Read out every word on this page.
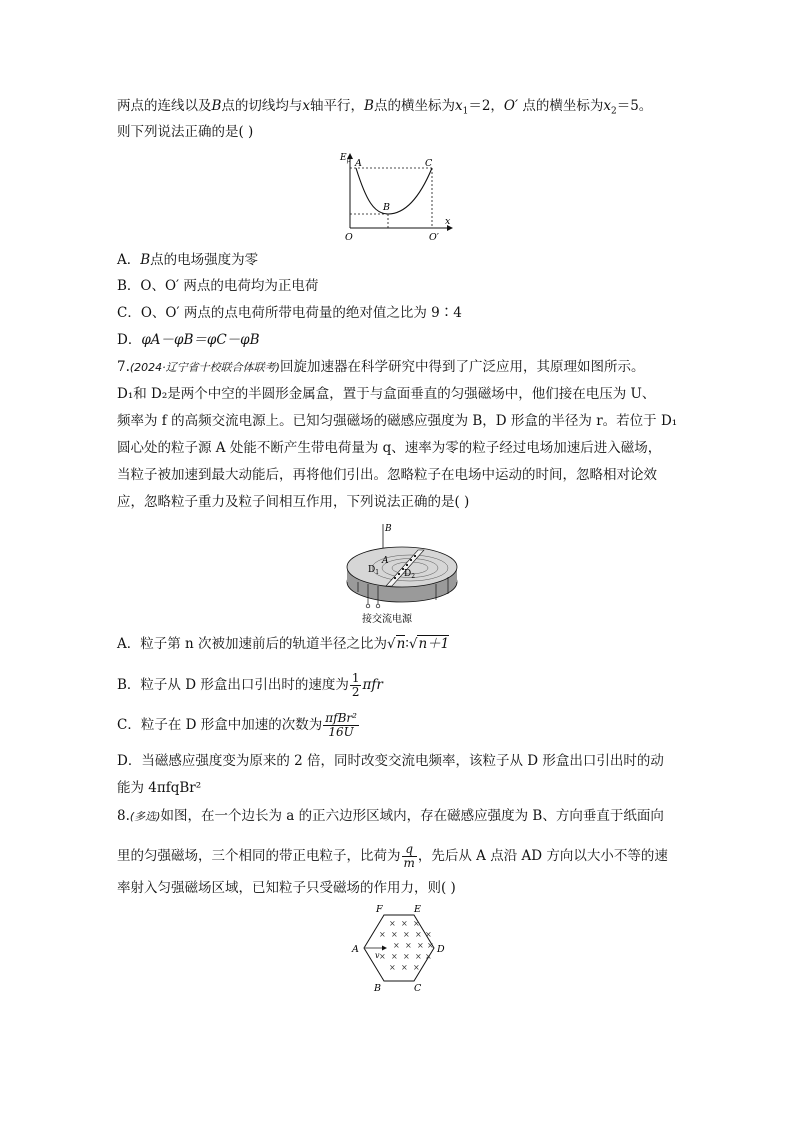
两点的连线以及B点的切线均与x轴平行，B点的横坐标为$x_1=2$，O′ 点的横坐标为$x_2=5$。
则下列说法正确的是( )
$E_p$ A
B
C
O	O′
x
A．B点的电场强度为零
B．O、O′ 两点的电荷均为正电荷
C．O、O′ 两点的点电荷所带电荷量的绝对值之比为 9∶4
D．φA－φB＝φC－φB
7.(2024·辽宁省十校联合体联考)回旋加速器在科学研究中得到了广泛应用，其原理如图所示。
D₁和 D₂是两个中空的半圆形金属盒，置于与盒面垂直的匀强磁场中，他们接在电压为 U、
频率为 f 的高频交流电源上。已知匀强磁场的磁感应强度为 B，D 形盒的半径为 r。若位于 D₁
圆心处的粒子源 A 处能不断产生带电荷量为 q、速率为零的粒子经过电场加速后进入磁场，
当粒子被加速到最大动能后，再将他们引出。忽略粒子在电场中运动的时间，忽略相对论效
应，忽略粒子重力及粒子间相互作用，下列说法正确的是( )
B
A
$D_1$	$D_2$
接交流电源
A．粒子第 n 次被加速前后的轨道半径之比为√n∶√n＋1
B．粒子从 D 形盒出口引出时的速度为 $\frac{1}{2}$ πfr
C．粒子在 D 形盒中加速的次数为 $\frac{\text{πfBr²}}{16U}$
D．当磁感应强度变为原来的 2 倍，同时改变交流电频率，该粒子从 D 形盒出口引出时的动
能为 4πfqBr²
8.(多选)如图，在一个边长为 a 的正六边形区域内，存在磁感应强度为 B、方向垂直于纸面向
里的匀强磁场，三个相同的带正电粒子，比荷为 $\frac{q}{m}$ ，先后从 A 点沿 AD 方向以大小不等的速
率射入匀强磁场区域，已知粒子只受磁场的作用力，则( )
× × ×
× × × × ×
× × × ×
× × × × ×
× × ×
v
A	D
F	E
B	C
